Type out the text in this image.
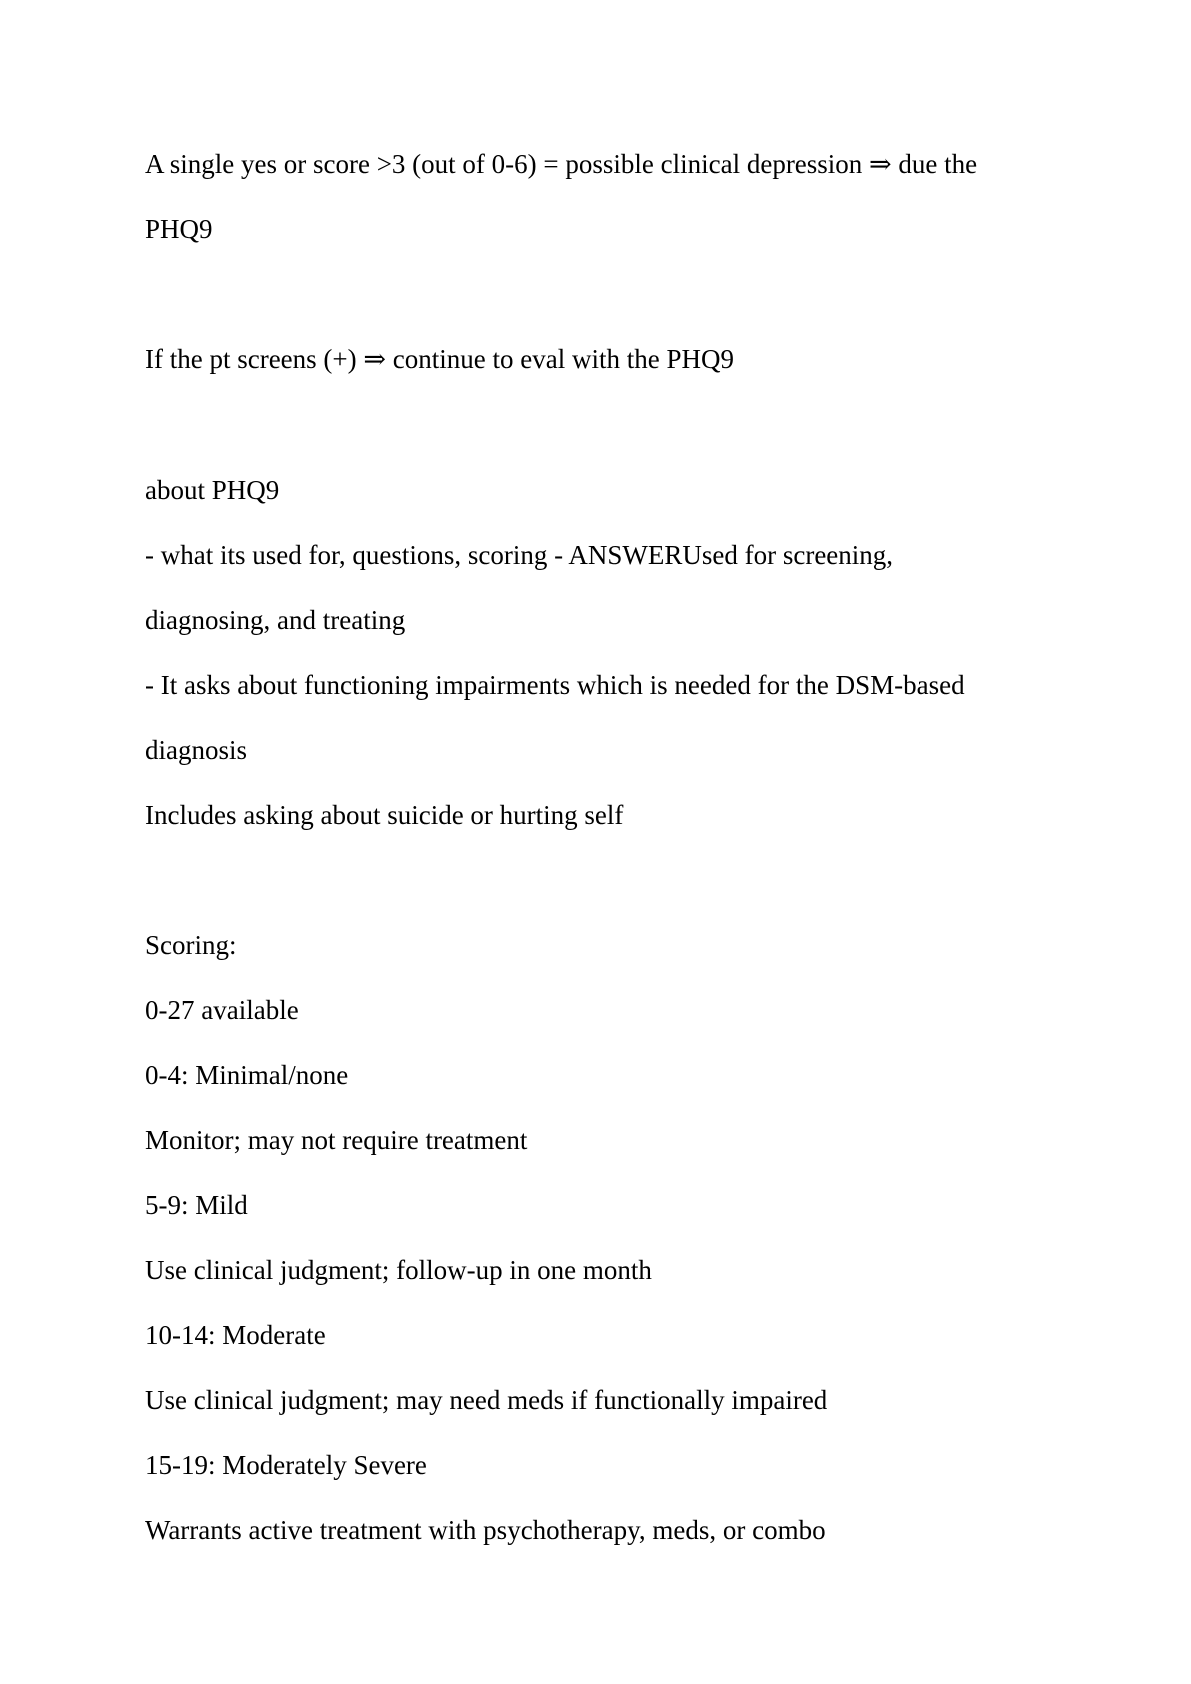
A single yes or score >3 (out of 0-6) = possible clinical depression ⇒ due the
PHQ9
If the pt screens (+) ⇒ continue to eval with the PHQ9
about PHQ9
- what its used for, questions, scoring - ANSWERUsed for screening,
diagnosing, and treating
- It asks about functioning impairments which is needed for the DSM-based
diagnosis
Includes asking about suicide or hurting self
Scoring:
0-27 available
0-4: Minimal/none
Monitor; may not require treatment
5-9: Mild
Use clinical judgment; follow-up in one month
10-14: Moderate
Use clinical judgment; may need meds if functionally impaired
15-19: Moderately Severe
Warrants active treatment with psychotherapy, meds, or combo
